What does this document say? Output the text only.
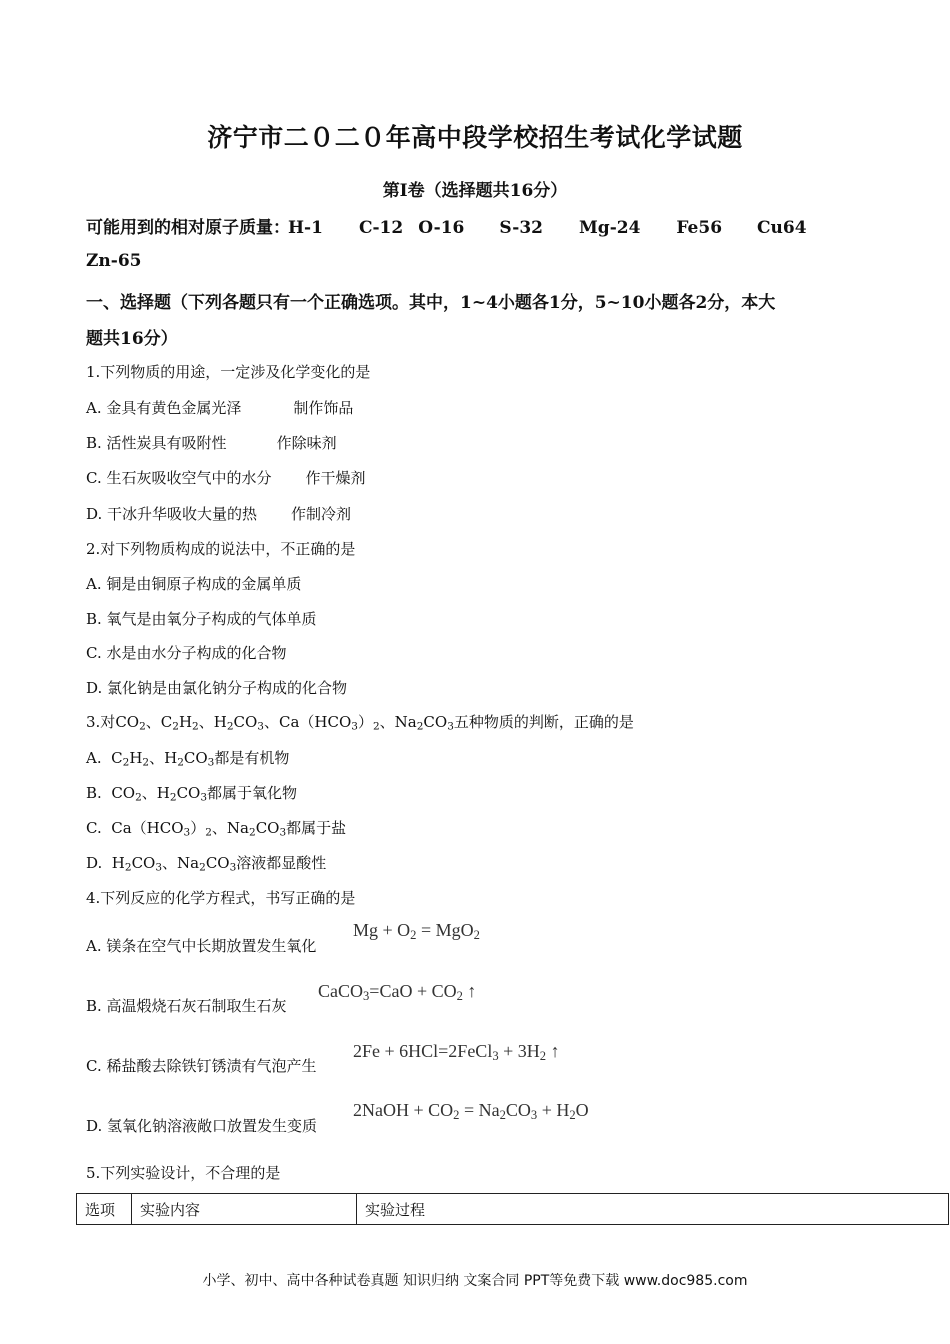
济宁市二０二０年高中段学校招生考试化学试题
第Ⅰ卷（选择题共16分）
可能用到的相对原子质量：H-1 C-12 O-16 S-32 Mg-24 Fe56 Cu64
Zn-65
一、选择题（下列各题只有一个正确选项。其中，1~4小题各1分，5~10小题各2分，本大
题共16分）
1.下列物质的用途，一定涉及化学变化的是
A. 金具有黄色金属光泽	制作饰品
B. 活性炭具有吸附性	作除味剂
C. 生石灰吸收空气中的水分 作干燥剂
D. 干冰升华吸收大量的热 作制冷剂
2.对下列物质构成的说法中，不正确的是
A. 铜是由铜原子构成的金属单质
B. 氧气是由氧分子构成的气体单质
C. 水是由水分子构成的化合物
D. 氯化钠是由氯化钠分子构成的化合物
3.对$CO_2$、$C_2H_2$、$H_2CO_3$、$Ca(HCO_3)_2$、$Na_2CO_3$五种物质的判断，正确的是
A.  $C_2H_2$、$H_2CO_3$都是有机物
B.  $CO_2$、$H_2CO_3$都属于氧化物
C.  $Ca(HCO_3)_2$、$Na_2CO_3$都属于盐
D.  $H_2CO_3$、$Na_2CO_3$溶液都显酸性
4.下列反应的化学方程式，书写正确的是
A. 镁条在空气中长期放置发生氧化
$Mg + O_2 = MgO_2$
B. 高温煅烧石灰石制取生石灰
CaCO$_3$=CaO + $CO_2$ ↑
C. 稀盐酸去除铁钉锈渍有气泡产生
2Fe + 6HCl=2FeCl$_3$ + $3H_2$ ↑
D. 氢氧化钠溶液敞口放置发生变质
2NaOH + $CO_2 = Na_2CO_3 + H_2O$
5.下列实验设计，不合理的是
选项	实验内容	实验过程
小学、初中、高中各种试卷真题 知识归纳 文案合同 PPT等免费下载 www.doc985.com
